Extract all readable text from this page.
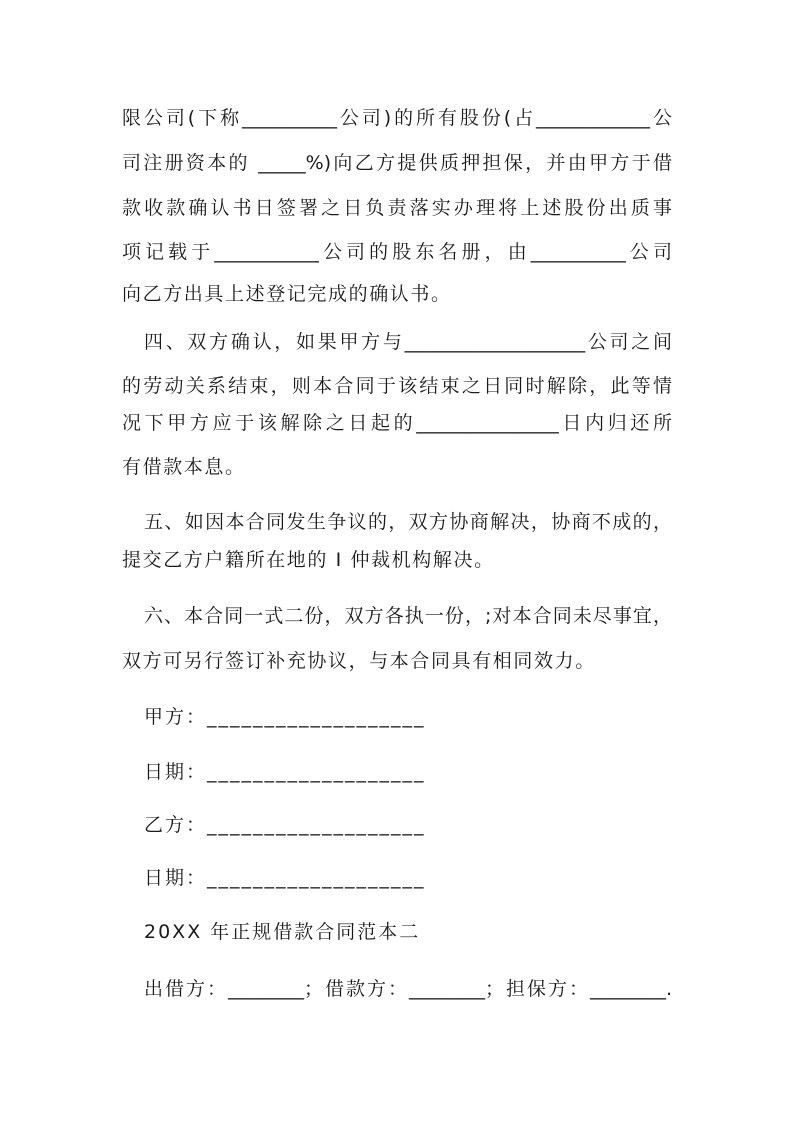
限公司(下称__________公司)的所有股份(占____________公
司注册资本的 _____%)向乙方提供质押担保，并由甲方于借
款收款确认书日签署之日负责落实办理将上述股份出质事
项记载于___________公司的股东名册，由__________公司
向乙方出具上述登记完成的确认书。
四、双方确认，如果甲方与___________________公司之间
的劳动关系结束，则本合同于该结束之日同时解除，此等情
况下甲方应于该解除之日起的_______________日内归还所
有借款本息。
五、如因本合同发生争议的，双方协商解决，协商不成的，
提交乙方户籍所在地的 I 仲裁机构解决。
六、本合同一式二份，双方各执一份，;对本合同未尽事宜，
双方可另行签订补充协议，与本合同具有相同效力。
甲方：___________________
日期：___________________
乙方：___________________
日期：___________________
20XX 年正规借款合同范本二
出借方：________；借款方：________；担保方：________.
